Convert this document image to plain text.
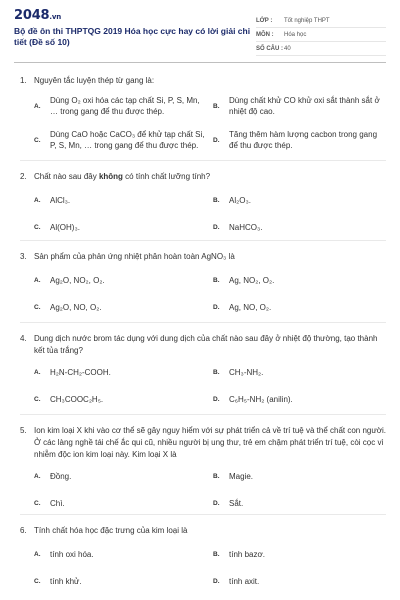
2048.vn
Bộ đề ôn thi THPTQG 2019 Hóa học cực hay có lời giải chi tiết (Đề số 10)
LỚP :	Tốt nghiệp THPT
MÔN :	Hóa học
SỐ CÂU : 40
1. Nguyên tắc luyện thép từ gang là:
A.
Dùng O₂ oxi hóa các tạp chất Si, P, S, Mn, … trong gang để thu được thép.
B.
Dùng chất khử CO khử oxi sắt thành sắt ở nhiệt độ cao.
C.
Dùng CaO hoặc CaCO₃ để khử tạp chất Si, P, S, Mn, … trong gang để thu được thép.
D.
Tăng thêm hàm lượng cacbon trong gang để thu được thép.
2. Chất nào sau đây không có tính chất lưỡng tính?
A.	AlCl₃.	B.	Al₂O₃.
C.	Al(OH)₃.	D.	NaHCO₃.
3. Sản phẩm của phản ứng nhiệt phân hoàn toàn AgNO₃ là
A.	Ag₂O, NO₂, O₂.	B.	Ag, NO₂, O₂.
C.	Ag₂O, NO, O₂.	D.	Ag, NO, O₂.
4. Dung dịch nước brom tác dụng với dung dịch của chất nào sau đây ở nhiệt độ thường, tạo thành kết tủa trắng?
A.	H₂N-CH₂-COOH.	B.	CH₃-NH₂.
C.	CH₃COOC₂H₅.	D.	C₆H₅-NH₂ (anilin).
5. Ion kim loại X khi vào cơ thể sẽ gây nguy hiểm với sự phát triển cả về trí tuệ và thể chất con người. Ở các làng nghề tái chế ắc qui cũ, nhiều người bị ung thư, trẻ em chậm phát triển trí tuệ, còi cọc vì nhiễm độc ion kim loại này. Kim loại X là
A.	Đồng.	B.	Magie.
C.	Chì.	D.	Sắt.
6. Tính chất hóa học đặc trưng của kim loại là
A.	tính oxi hóa.	B.	tính bazơ.
C.	tính khử.	D.	tính axit.
